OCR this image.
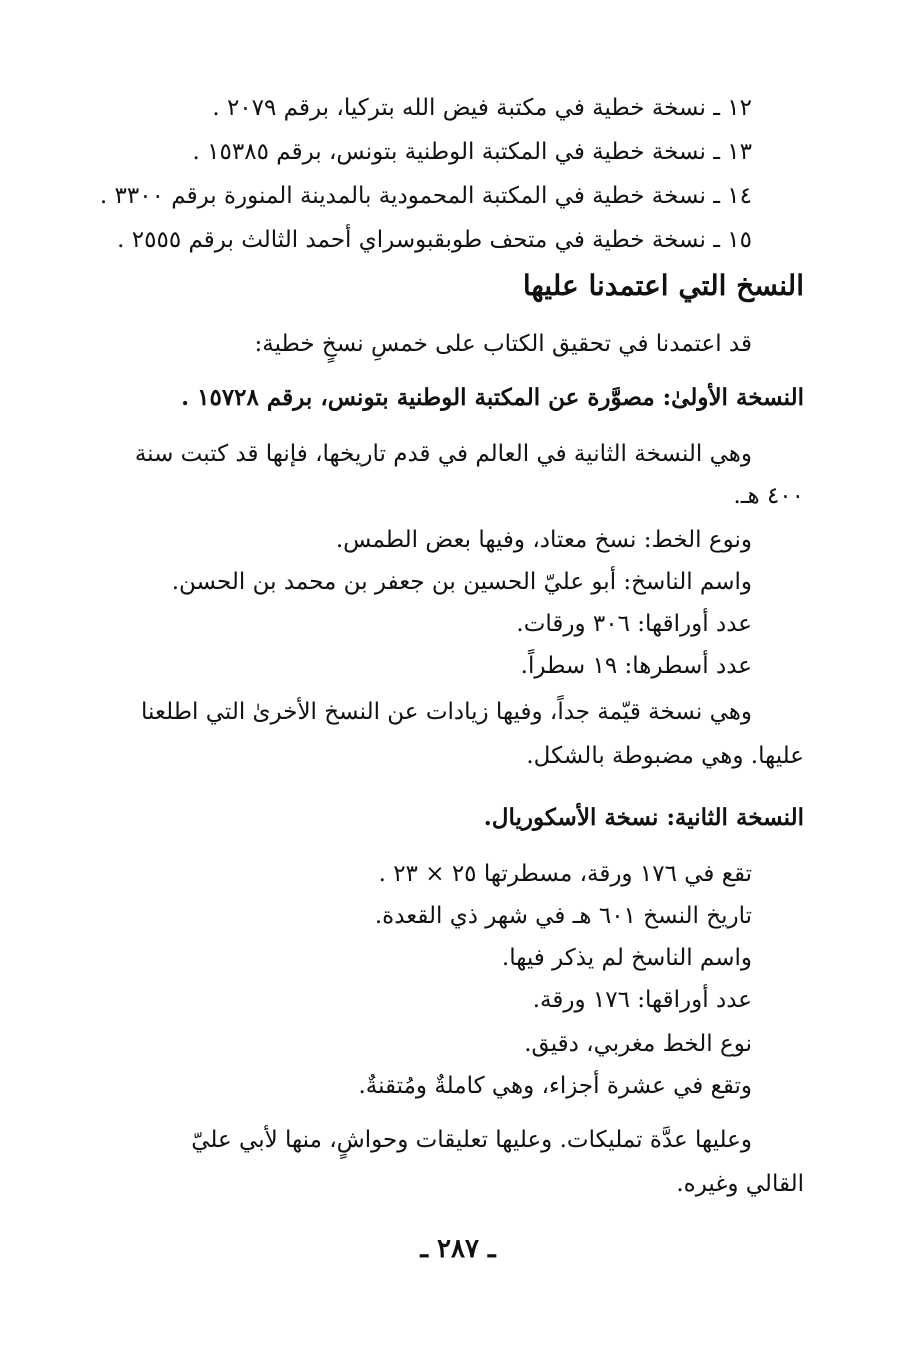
١٢ ـ نسخة خطية في مكتبة فيض الله بتركيا، برقم ٢٠٧٩ .
١٣ ـ نسخة خطية في المكتبة الوطنية بتونس، برقم ١٥٣٨٥ .
١٤ ـ نسخة خطية في المكتبة المحمودية بالمدينة المنورة برقم ٣٣٠٠ .
١٥ ـ نسخة خطية في متحف طوبقبوسراي أحمد الثالث برقم ٢٥٥٥ .
النسخ التي اعتمدنا عليها
قد اعتمدنا في تحقيق الكتاب على خمسِ نسخٍ خطية:
النسخة الأولىٰ: مصوَّرة عن المكتبة الوطنية بتونس، برقم ١٥٧٢٨ .
وهي النسخة الثانية في العالم في قدم تاريخها، فإنها قد كتبت سنة
٤٠٠ هـ.
ونوع الخط: نسخ معتاد، وفيها بعض الطمس.
واسم الناسخ: أبو عليّ الحسين بن جعفر بن محمد بن الحسن.
عدد أوراقها: ٣٠٦ ورقات.
عدد أسطرها: ١٩ سطراً.
وهي نسخة قيّمة جداً، وفيها زيادات عن النسخ الأخرىٰ التي اطلعنا
عليها. وهي مضبوطة بالشكل.
النسخة الثانية: نسخة الأسكوريال.
تقع في ١٧٦ ورقة، مسطرتها ٢٥ × ٢٣ .
تاريخ النسخ ٦٠١ هـ في شهر ذي القعدة.
واسم الناسخ لم يذكر فيها.
عدد أوراقها: ١٧٦ ورقة.
نوع الخط مغربي، دقيق.
وتقع في عشرة أجزاء، وهي كاملةٌ ومُتقنةٌ.
وعليها عدَّة تمليكات. وعليها تعليقات وحواشٍ، منها لأبي عليّ
القالي وغيره.
ـ ٢٨٧ ـ
